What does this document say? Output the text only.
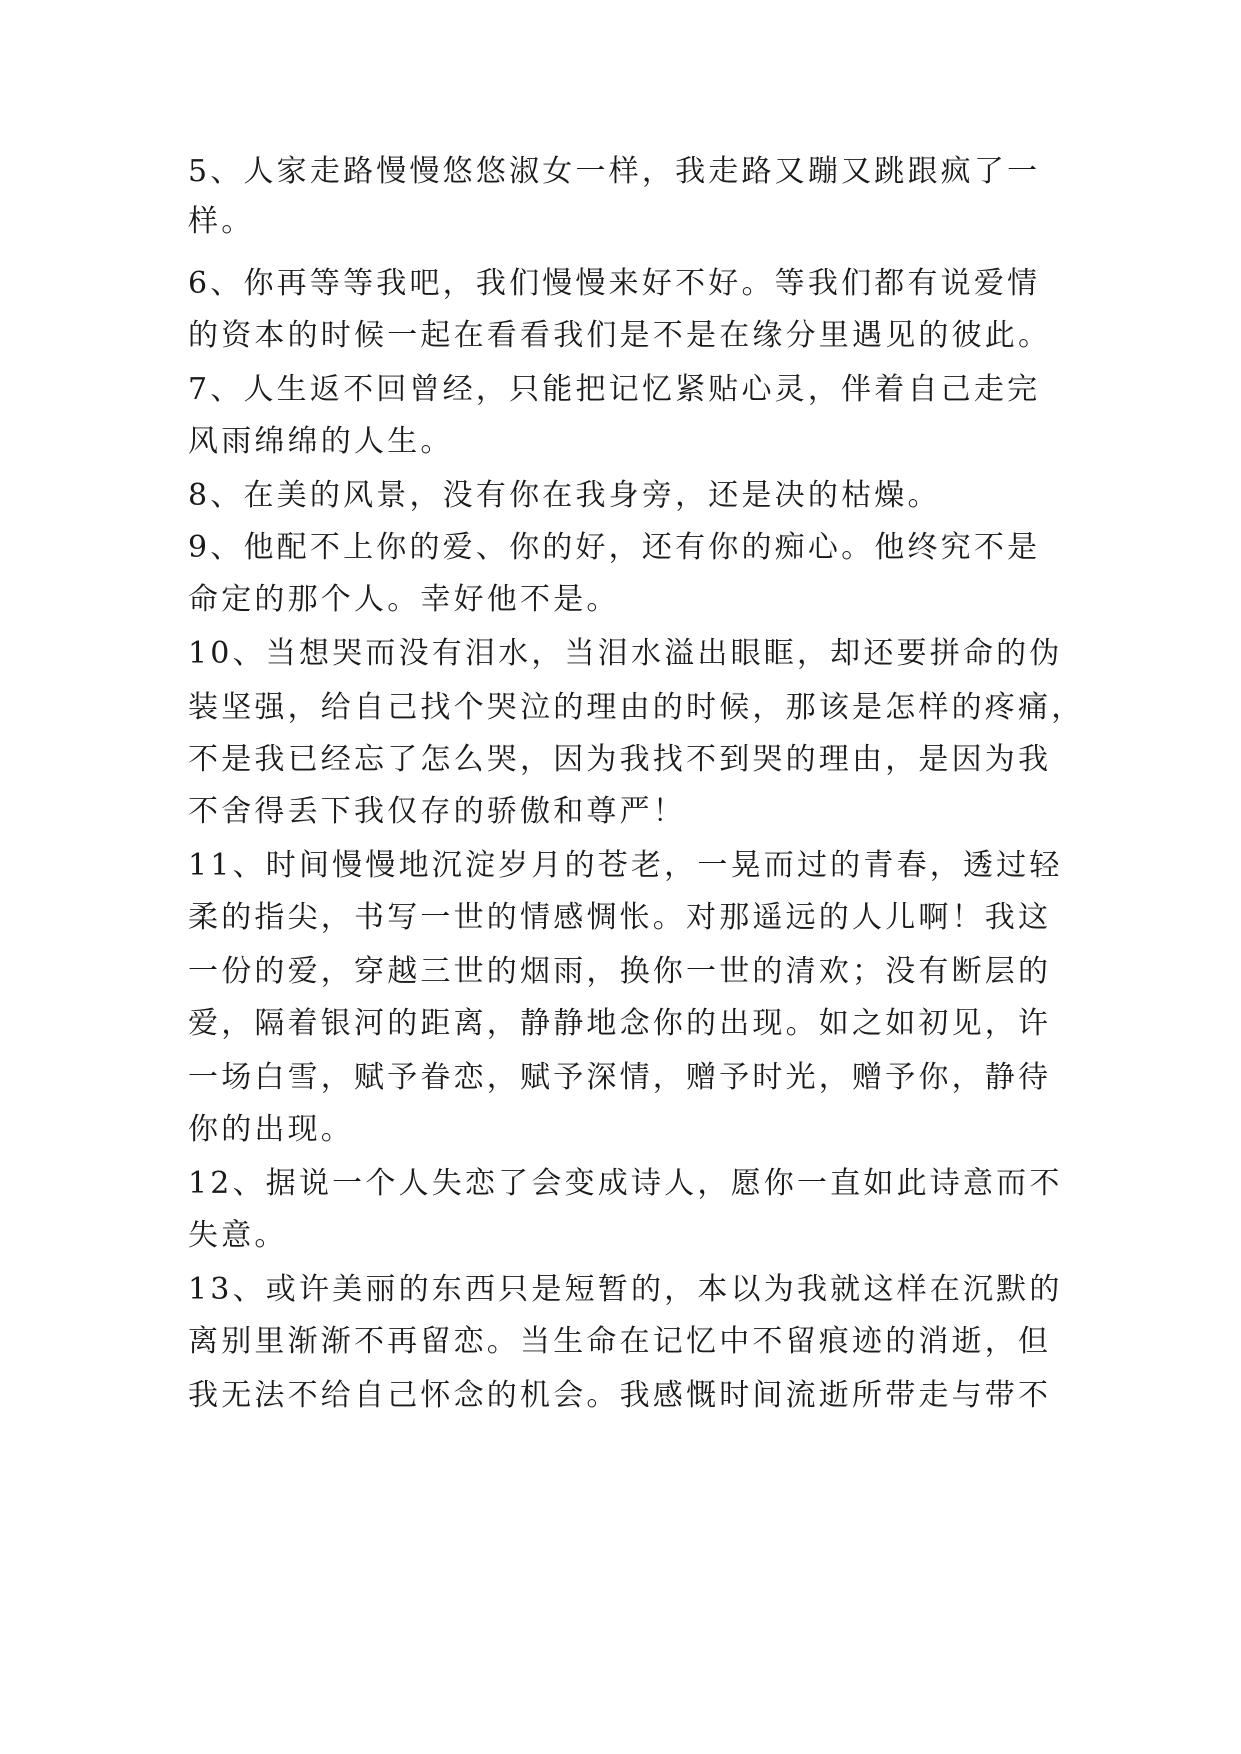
5、人家走路慢慢悠悠淑女一样，我走路又蹦又跳跟疯了一
样。
6、你再等等我吧，我们慢慢来好不好。等我们都有说爱情
的资本的时候一起在看看我们是不是在缘分里遇见的彼此。
7、人生返不回曾经，只能把记忆紧贴心灵，伴着自己走完
风雨绵绵的人生。
8、在美的风景，没有你在我身旁，还是决的枯燥。
9、他配不上你的爱、你的好，还有你的痴心。他终究不是
命定的那个人。幸好他不是。
10、当想哭而没有泪水，当泪水溢出眼眶，却还要拼命的伪
装坚强，给自己找个哭泣的理由的时候，那该是怎样的疼痛，
不是我已经忘了怎么哭，因为我找不到哭的理由，是因为我
不舍得丢下我仅存的骄傲和尊严！
11、时间慢慢地沉淀岁月的苍老，一晃而过的青春，透过轻
柔的指尖，书写一世的情感惆怅。对那遥远的人儿啊！我这
一份的爱，穿越三世的烟雨，换你一世的清欢；没有断层的
爱，隔着银河的距离，静静地念你的出现。如之如初见，许
一场白雪，赋予眷恋，赋予深情，赠予时光，赠予你，静待
你的出现。
12、据说一个人失恋了会变成诗人，愿你一直如此诗意而不
失意。
13、或许美丽的东西只是短暂的，本以为我就这样在沉默的
离别里渐渐不再留恋。当生命在记忆中不留痕迹的消逝，但
我无法不给自己怀念的机会。我感慨时间流逝所带走与带不
